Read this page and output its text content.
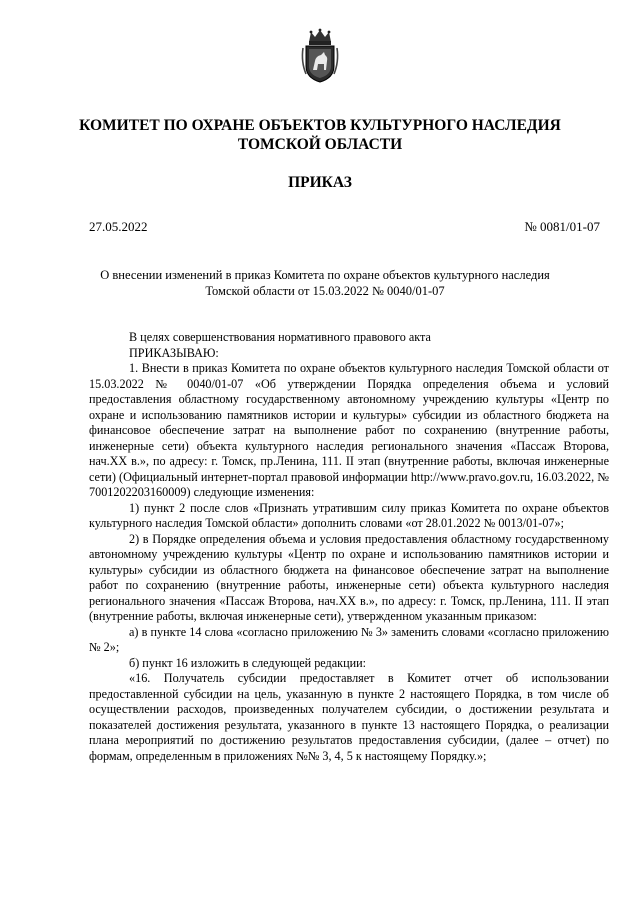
КОМИТЕТ ПО ОХРАНЕ ОБЪЕКТОВ КУЛЬТУРНОГО НАСЛЕДИЯ

ТОМСКОЙ ОБЛАСТИ

ПРИКАЗ

27.05.2022	№ 0081/01-07
О внесении изменений в приказ Комитета по охране объектов культурного наследия
Томской области от 15.03.2022 № 0040/01-07

В целях совершенствования нормативного правового акта

ПРИКАЗЫВАЮ:

1. Внести в приказ Комитета по охране объектов культурного наследия Томской области от 15.03.2022 № 0040/01-07 «Об утверждении Порядка определения объема и условий предоставления областному государственному автономному учреждению культуры «Центр по охране и использованию памятников истории и культуры» субсидии из областного бюджета на финансовое обеспечение затрат на выполнение работ по сохранению (внутренние работы, инженерные сети) объекта культурного наследия регионального значения «Пассаж Второва, нач.XX в.», по адресу: г. Томск, пр.Ленина, 111. II этап (внутренние работы, включая инженерные сети) (Официальный интернет-портал правовой информации http://www.pravo.gov.ru, 16.03.2022, № 7001202203160009) следующие изменения:

1) пункт 2 после слов «Признать утратившим силу приказ Комитета по охране объектов культурного наследия Томской области» дополнить словами «от 28.01.2022 № 0013/01-07»;

2) в Порядке определения объема и условия предоставления областному государственному автономному учреждению культуры «Центр по охране и использованию памятников истории и культуры» субсидии из областного бюджета на финансовое обеспечение затрат на выполнение работ по сохранению (внутренние работы, инженерные сети) объекта культурного наследия регионального значения «Пассаж Второва, нач.XX в.», по адресу: г. Томск, пр.Ленина, 111. II этап (внутренние работы, включая инженерные сети), утвержденном указанным приказом:

а) в пункте 14 слова «согласно приложению № 3» заменить словами «согласно приложению № 2»;

б) пункт 16 изложить в следующей редакции:

«16. Получатель субсидии предоставляет в Комитет отчет об использовании предоставленной субсидии на цель, указанную в пункте 2 настоящего Порядка, в том числе об осуществлении расходов, произведенных получателем субсидии, о достижении результата и показателей достижения результата, указанного в пункте 13 настоящего Порядка, о реализации плана мероприятий по достижению результатов предоставления субсидии, (далее – отчет) по формам, определенным в приложениях №№ 3, 4, 5 к настоящему Порядку.»;
